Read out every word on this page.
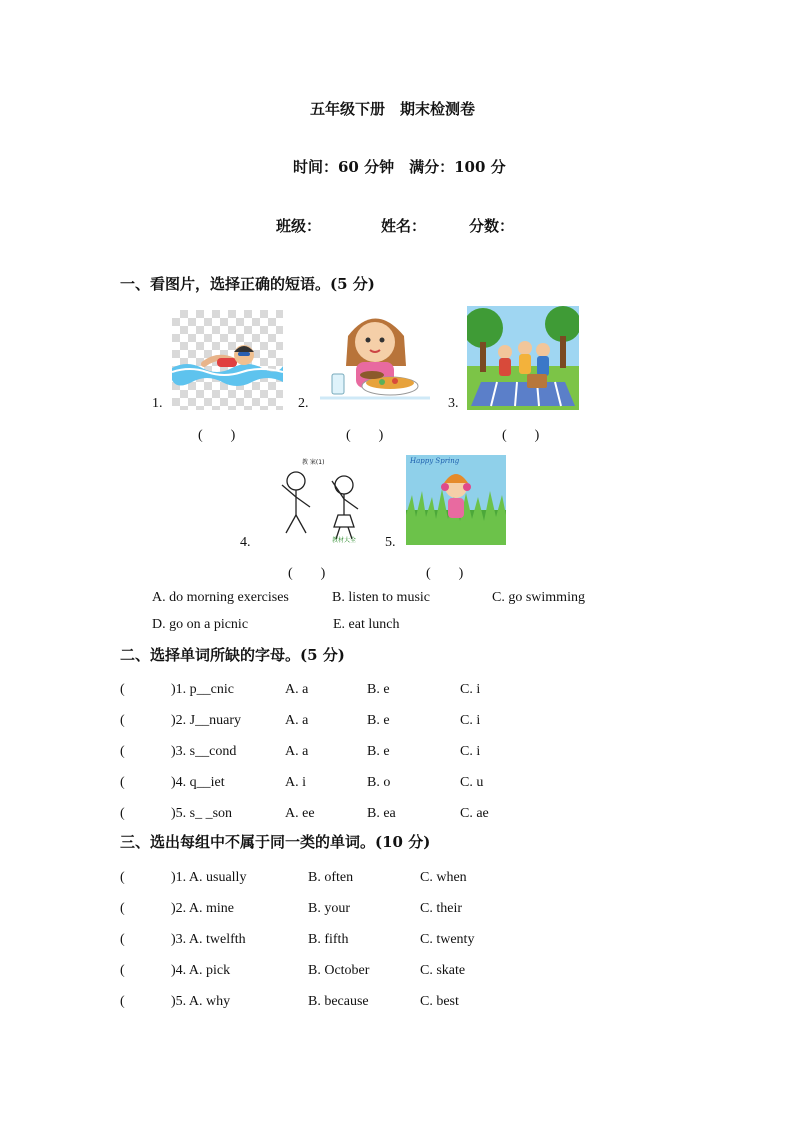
五年级下册　期末检测卷
时间：60 分钟　满分：100 分
班级：	姓名：	分数：
一、看图片，选择正确的短语。(5 分)
1.	2.	3.
(　　)	(　　)	(　　)
教 案(1)
教材大全
4.
Happy Spring
5.
(　　)	(　　)
A. do morning exercises	B. listen to music	C. go swimming
D. go on a picnic	E. eat lunch
二、选择单词所缺的字母。(5 分)
(	)1. p__cnic	A. a	B. e	C. i
(	)2. J__nuary	A. a	B. e	C. i
(	)3. s__cond	A. a	B. e	C. i
(	)4. q__iet	A. i	B. o	C. u
(	)5. s_ _son	A. ee	B. ea	C. ae
三、选出每组中不属于同一类的单词。(10 分)
(	)1. A. usually	B. often	C. when
(	)2. A. mine	B. your	C. their
(	)3. A. twelfth	B. fifth	C. twenty
(	)4. A. pick	B. October	C. skate
(	)5. A. why	B. because	C. best
